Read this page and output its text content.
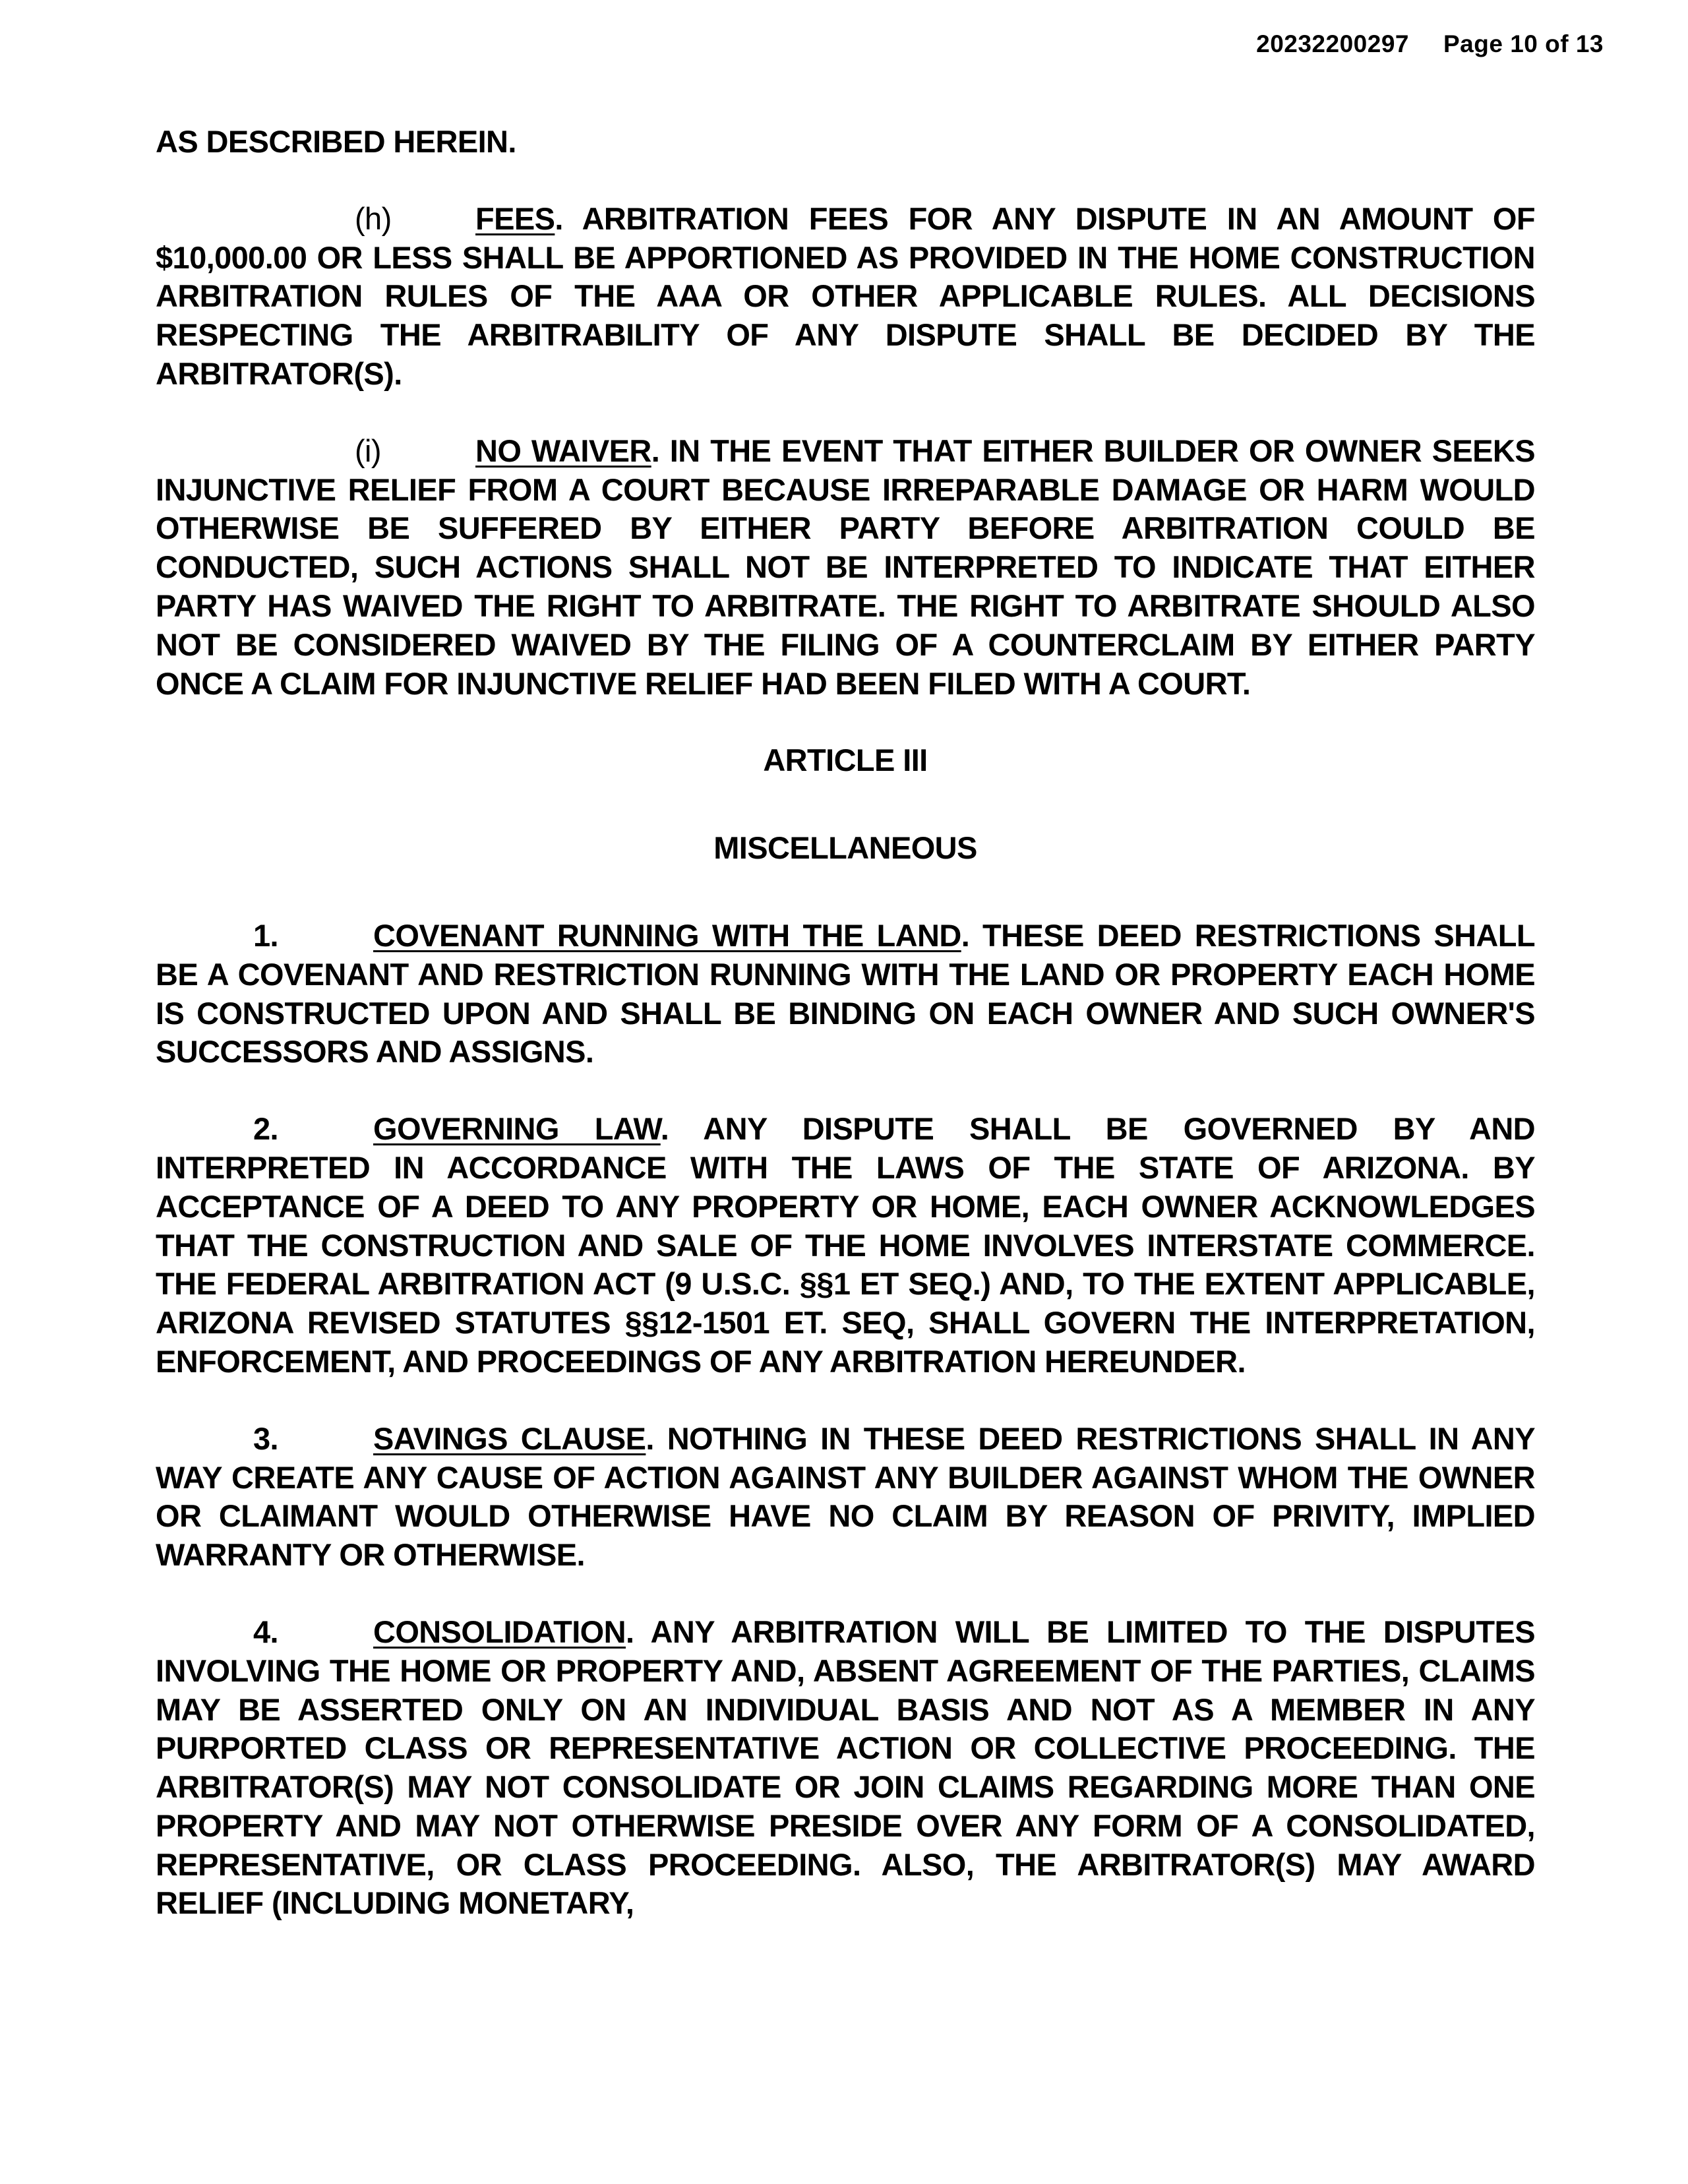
20232200297 Page 10 of 13

AS DESCRIBED HEREIN.

(h)	FEES. ARBITRATION FEES FOR ANY DISPUTE IN AN AMOUNT OF $10,000.00 OR LESS SHALL BE APPORTIONED AS PROVIDED IN THE HOME CONSTRUCTION ARBITRATION RULES OF THE AAA OR OTHER APPLICABLE RULES. ALL DECISIONS RESPECTING THE ARBITRABILITY OF ANY DISPUTE SHALL BE DECIDED BY THE ARBITRATOR(S).

(i)	NO WAIVER. IN THE EVENT THAT EITHER BUILDER OR OWNER SEEKS INJUNCTIVE RELIEF FROM A COURT BECAUSE IRREPARABLE DAMAGE OR HARM WOULD OTHERWISE BE SUFFERED BY EITHER PARTY BEFORE ARBITRATION COULD BE CONDUCTED, SUCH ACTIONS SHALL NOT BE INTERPRETED TO INDICATE THAT EITHER PARTY HAS WAIVED THE RIGHT TO ARBITRATE. THE RIGHT TO ARBITRATE SHOULD ALSO NOT BE CONSIDERED WAIVED BY THE FILING OF A COUNTERCLAIM BY EITHER PARTY ONCE A CLAIM FOR INJUNCTIVE RELIEF HAD BEEN FILED WITH A COURT.

ARTICLE III

MISCELLANEOUS

1.	COVENANT RUNNING WITH THE LAND. THESE DEED RESTRICTIONS SHALL BE A COVENANT AND RESTRICTION RUNNING WITH THE LAND OR PROPERTY EACH HOME IS CONSTRUCTED UPON AND SHALL BE BINDING ON EACH OWNER AND SUCH OWNER'S SUCCESSORS AND ASSIGNS.

2.	GOVERNING LAW. ANY DISPUTE SHALL BE GOVERNED BY AND INTERPRETED IN ACCORDANCE WITH THE LAWS OF THE STATE OF ARIZONA. BY ACCEPTANCE OF A DEED TO ANY PROPERTY OR HOME, EACH OWNER ACKNOWLEDGES THAT THE CONSTRUCTION AND SALE OF THE HOME INVOLVES INTERSTATE COMMERCE. THE FEDERAL ARBITRATION ACT (9 U.S.C. §§1 ET SEQ.) AND, TO THE EXTENT APPLICABLE, ARIZONA REVISED STATUTES §§12-1501 ET. SEQ, SHALL GOVERN THE INTERPRETATION, ENFORCEMENT, AND PROCEEDINGS OF ANY ARBITRATION HEREUNDER.

3.	SAVINGS CLAUSE. NOTHING IN THESE DEED RESTRICTIONS SHALL IN ANY WAY CREATE ANY CAUSE OF ACTION AGAINST ANY BUILDER AGAINST WHOM THE OWNER OR CLAIMANT WOULD OTHERWISE HAVE NO CLAIM BY REASON OF PRIVITY, IMPLIED WARRANTY OR OTHERWISE.

4.	CONSOLIDATION. ANY ARBITRATION WILL BE LIMITED TO THE DISPUTES INVOLVING THE HOME OR PROPERTY AND, ABSENT AGREEMENT OF THE PARTIES, CLAIMS MAY BE ASSERTED ONLY ON AN INDIVIDUAL BASIS AND NOT AS A MEMBER IN ANY PURPORTED CLASS OR REPRESENTATIVE ACTION OR COLLECTIVE PROCEEDING. THE ARBITRATOR(S) MAY NOT CONSOLIDATE OR JOIN CLAIMS REGARDING MORE THAN ONE PROPERTY AND MAY NOT OTHERWISE PRESIDE OVER ANY FORM OF A CONSOLIDATED, REPRESENTATIVE, OR CLASS PROCEEDING. ALSO, THE ARBITRATOR(S) MAY AWARD RELIEF (INCLUDING MONETARY,
